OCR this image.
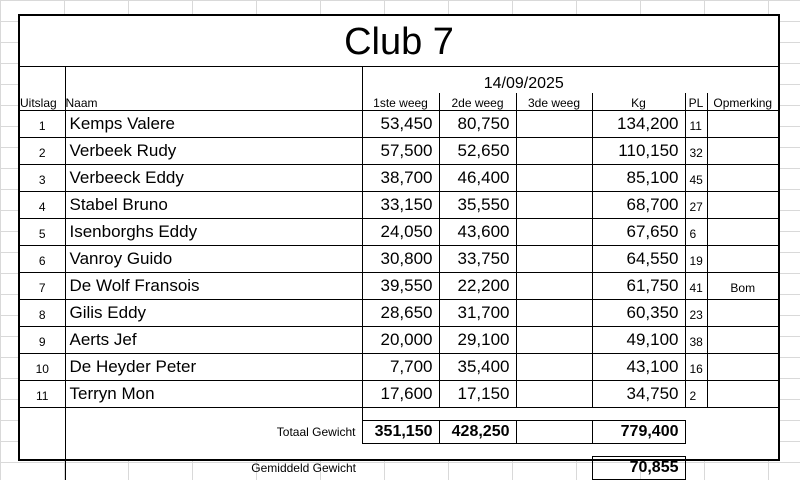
Club 7
		14/09/2025					
Uitslag	Naam	1ste weeg	2de weeg	3de weeg	Kg	PL	Opmerking
1	Kemps Valere	53,450	80,750		134,200	11	
2	Verbeek Rudy	57,500	52,650		110,150	32	
3	Verbeeck Eddy	38,700	46,400		85,100	45	
4	Stabel Bruno	33,150	35,550		68,700	27	
5	Isenborghs Eddy	24,050	43,600		67,650	6	
6	Vanroy Guido	30,800	33,750		64,550	19	
7	De Wolf Fransois	39,550	22,200		61,750	41	Bom
8	Gilis Eddy	28,650	31,700		60,350	23	
9	Aerts Jef	20,000	29,100		49,100	38	
10	De Heyder Peter	7,700	35,400		43,100	16	
11	Terryn Mon	17,600	17,150		34,750	2	

	Totaal Gewicht	351,150	428,250		779,400		

	Gemiddeld Gewicht				70,855		
